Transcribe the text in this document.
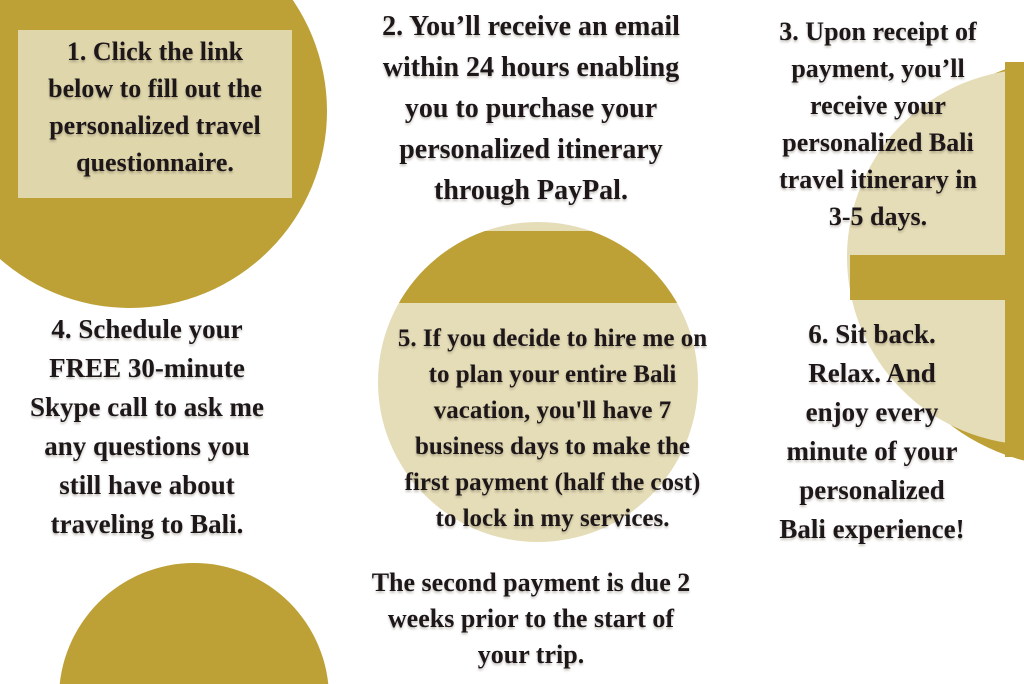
1. Click the link
below to fill out the
personalized travel
questionnaire.
2. You’ll receive an email
within 24 hours enabling
you to purchase your
personalized itinerary
through PayPal.
3. Upon receipt of
payment, you’ll
receive your
personalized Bali
travel itinerary in
3-5 days.
4. Schedule your
FREE 30-minute
Skype call to ask me
any questions you
still have about
traveling to Bali.
5. If you decide to hire me on
to plan your entire Bali
vacation, you'll have 7
business days to make the
first payment (half the cost)
to lock in my services.
The second payment is due 2
weeks prior to the start of
your trip.
6. Sit back.
Relax. And
enjoy every
minute of your
personalized
Bali experience!
